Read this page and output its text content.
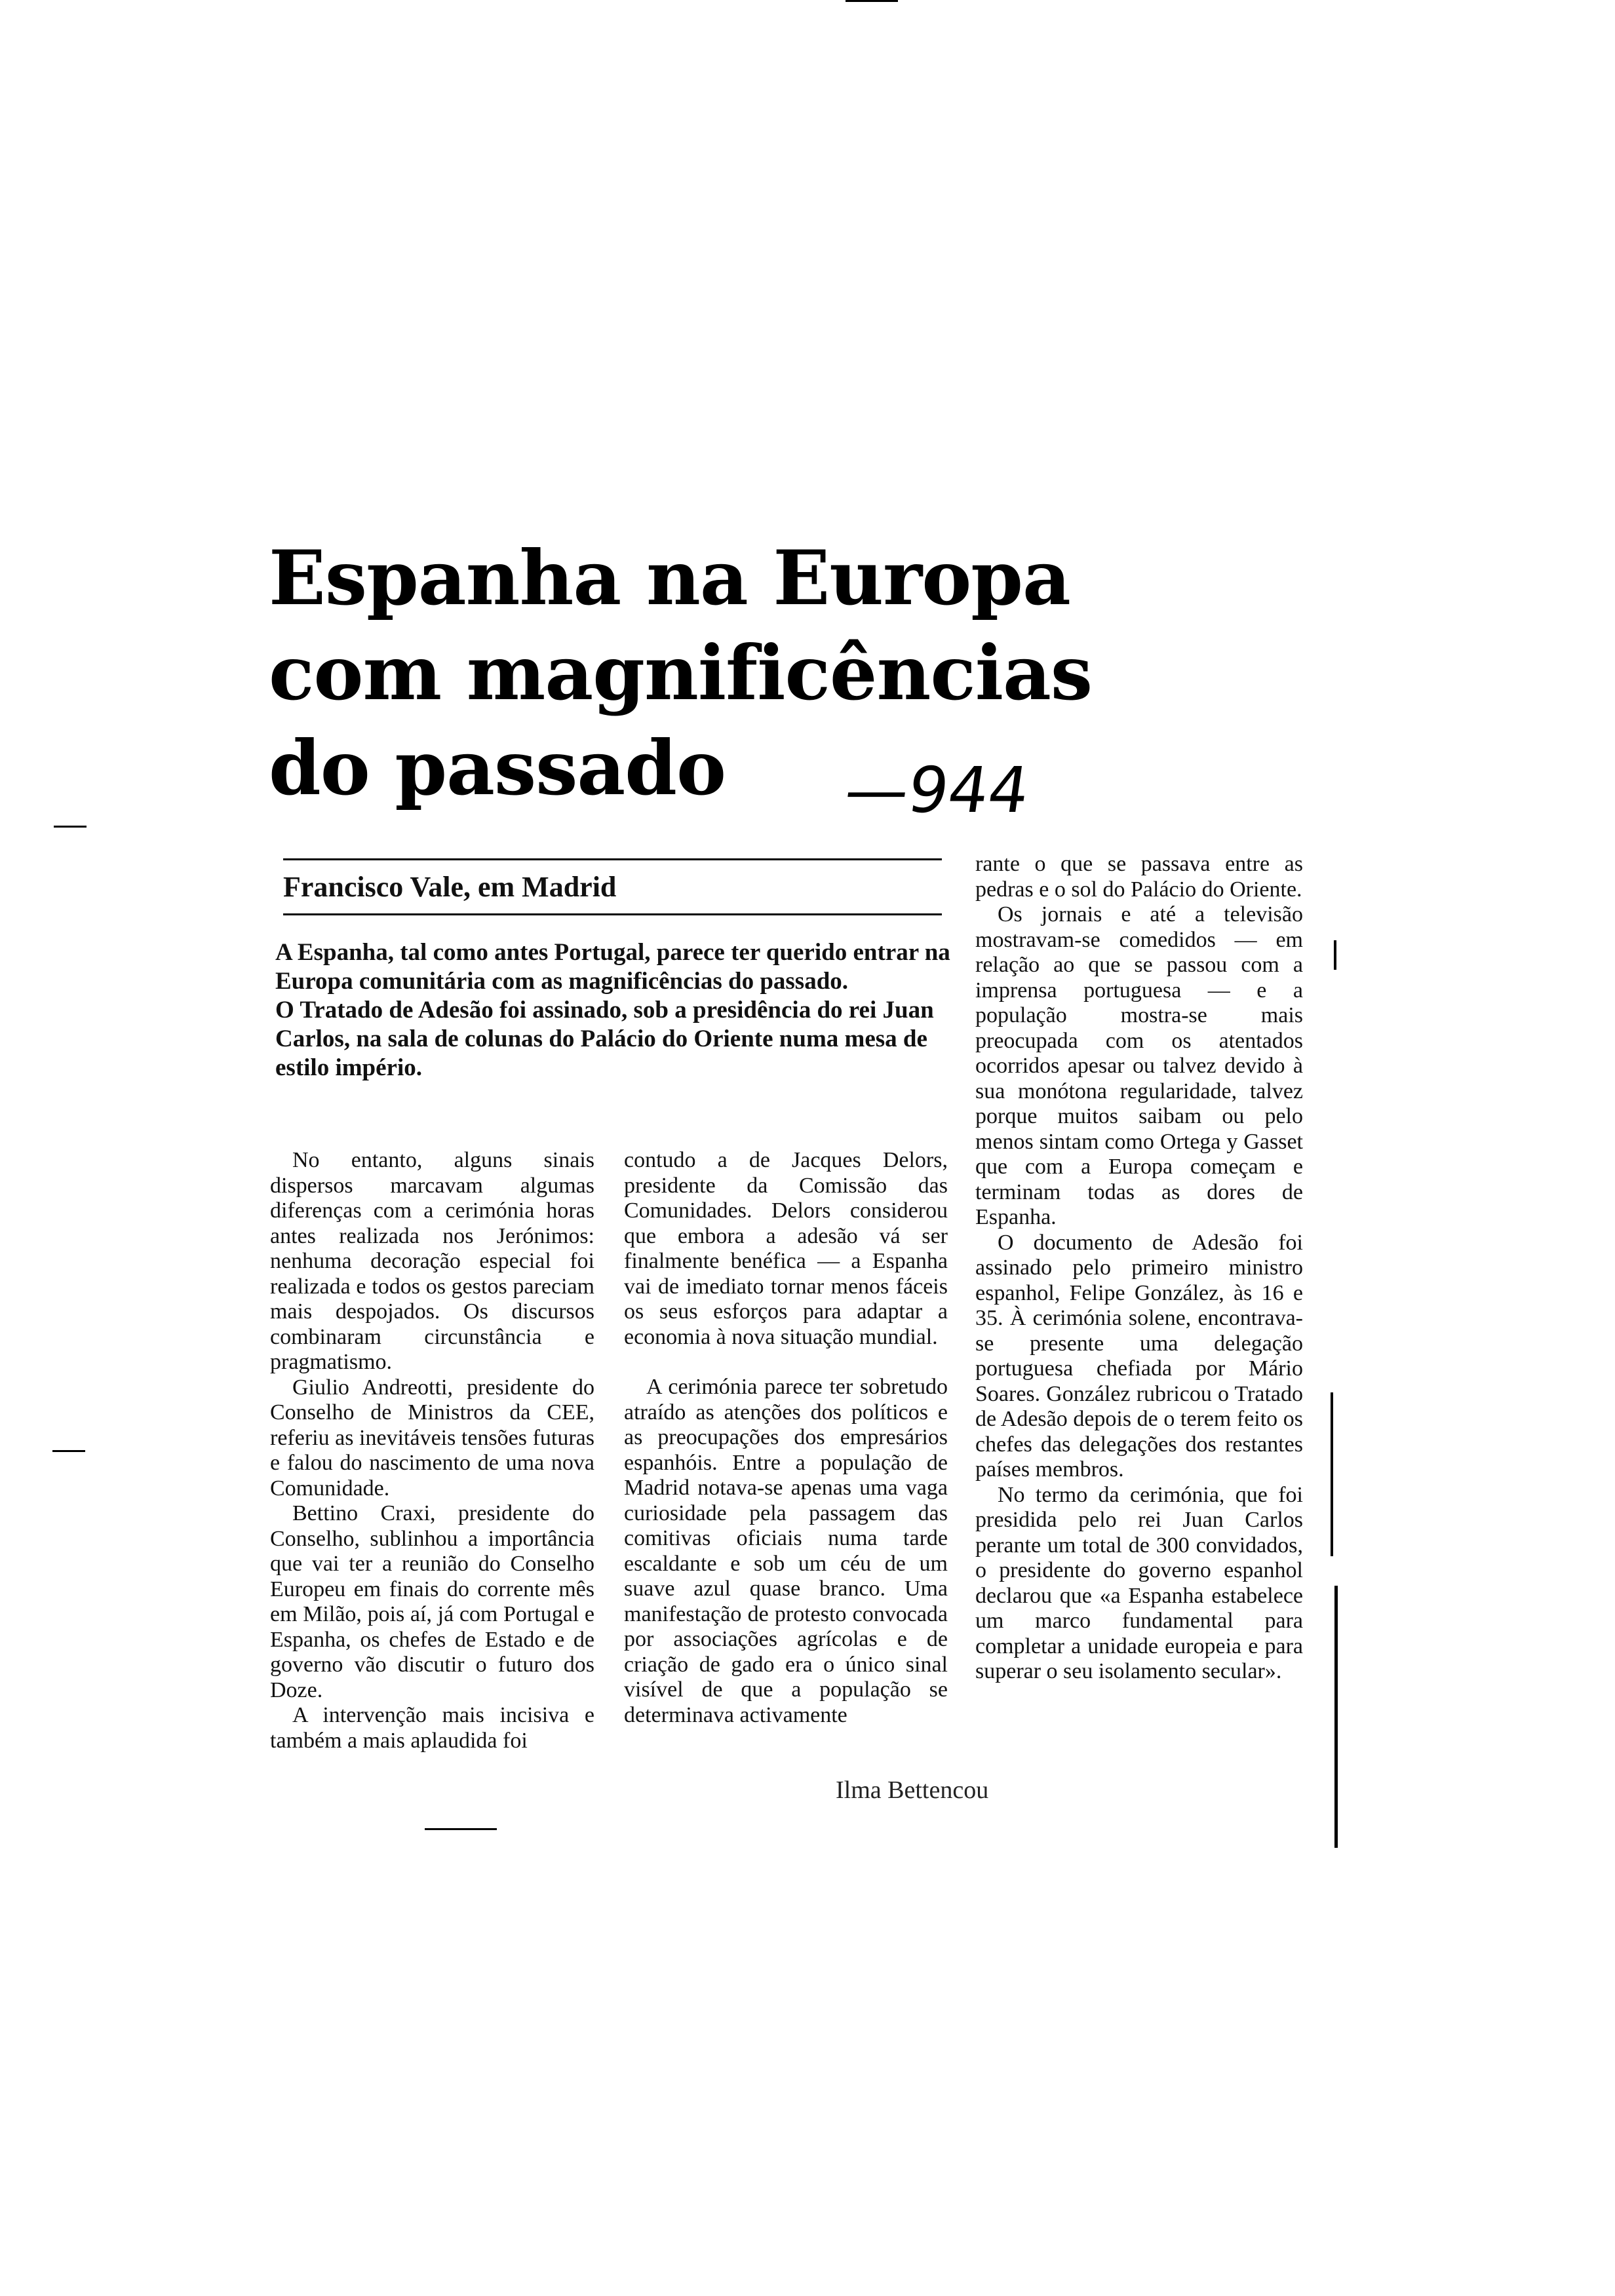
Espanha na Europa
com magnificências
do passado	—944
Francisco Vale, em Madrid

A Espanha, tal como antes Portugal, parece ter querido entrar na Europa comunitária com as magnificências do passado.

O Tratado de Adesão foi assinado, sob a presidência do rei Juan Carlos, na sala de colunas do Palácio do Oriente numa mesa de estilo império.

No entanto, alguns sinais dispersos marcavam algumas diferenças com a cerimónia horas antes realizada nos Jerónimos: nenhuma decoração especial foi realizada e todos os gestos pareciam mais despojados. Os discursos combinaram circunstância e pragmatismo.

Giulio Andreotti, presidente do Conselho de Ministros da CEE, referiu as inevitáveis tensões futuras e falou do nascimento de uma nova Comunidade.

Bettino Craxi, presidente do Conselho, sublinhou a importância que vai ter a reunião do Conselho Europeu em finais do corrente mês em Milão, pois aí, já com Portugal e Espanha, os chefes de Estado e de governo vão discutir o futuro dos Doze.

A intervenção mais incisiva e também a mais aplaudida foi

contudo a de Jacques Delors, presidente da Comissão das Comunidades. Delors considerou que embora a adesão vá ser finalmente benéfica — a Espanha vai de imediato tornar menos fáceis os seus esforços para adaptar a economia à nova situação mundial.

A cerimónia parece ter sobretudo atraído as atenções dos políticos e as preocupações dos empresários espanhóis. Entre a população de Madrid notava-se apenas uma vaga curiosidade pela passagem das comitivas oficiais numa tarde escaldante e sob um céu de um suave azul quase branco. Uma manifestação de protesto convocada por associações agrícolas e de criação de gado era o único sinal visível de que a população se determinava activamente

rante o que se passava entre as pedras e o sol do Palácio do Oriente.

Os jornais e até a televisão mostravam-se comedidos — em relação ao que se passou com a imprensa portuguesa — e a população mostra-se mais preocupada com os atentados ocorridos apesar ou talvez devido à sua monótona regularidade, talvez porque muitos saibam ou pelo menos sintam como Ortega y Gasset que com a Europa começam e terminam todas as dores de Espanha.

O documento de Adesão foi assinado pelo primeiro ministro espanhol, Felipe González, às 16 e 35. À cerimónia solene, encontrava-se presente uma delegação portuguesa chefiada por Mário Soares. González rubricou o Tratado de Adesão depois de o terem feito os chefes das delegações dos restantes países membros.

No termo da cerimónia, que foi presidida pelo rei Juan Carlos perante um total de 300 convidados, o presidente do governo espanhol declarou que «a Espanha estabelece um marco fundamental para completar a unidade europeia e para superar o seu isolamento secular».

Ilma Bettencou
